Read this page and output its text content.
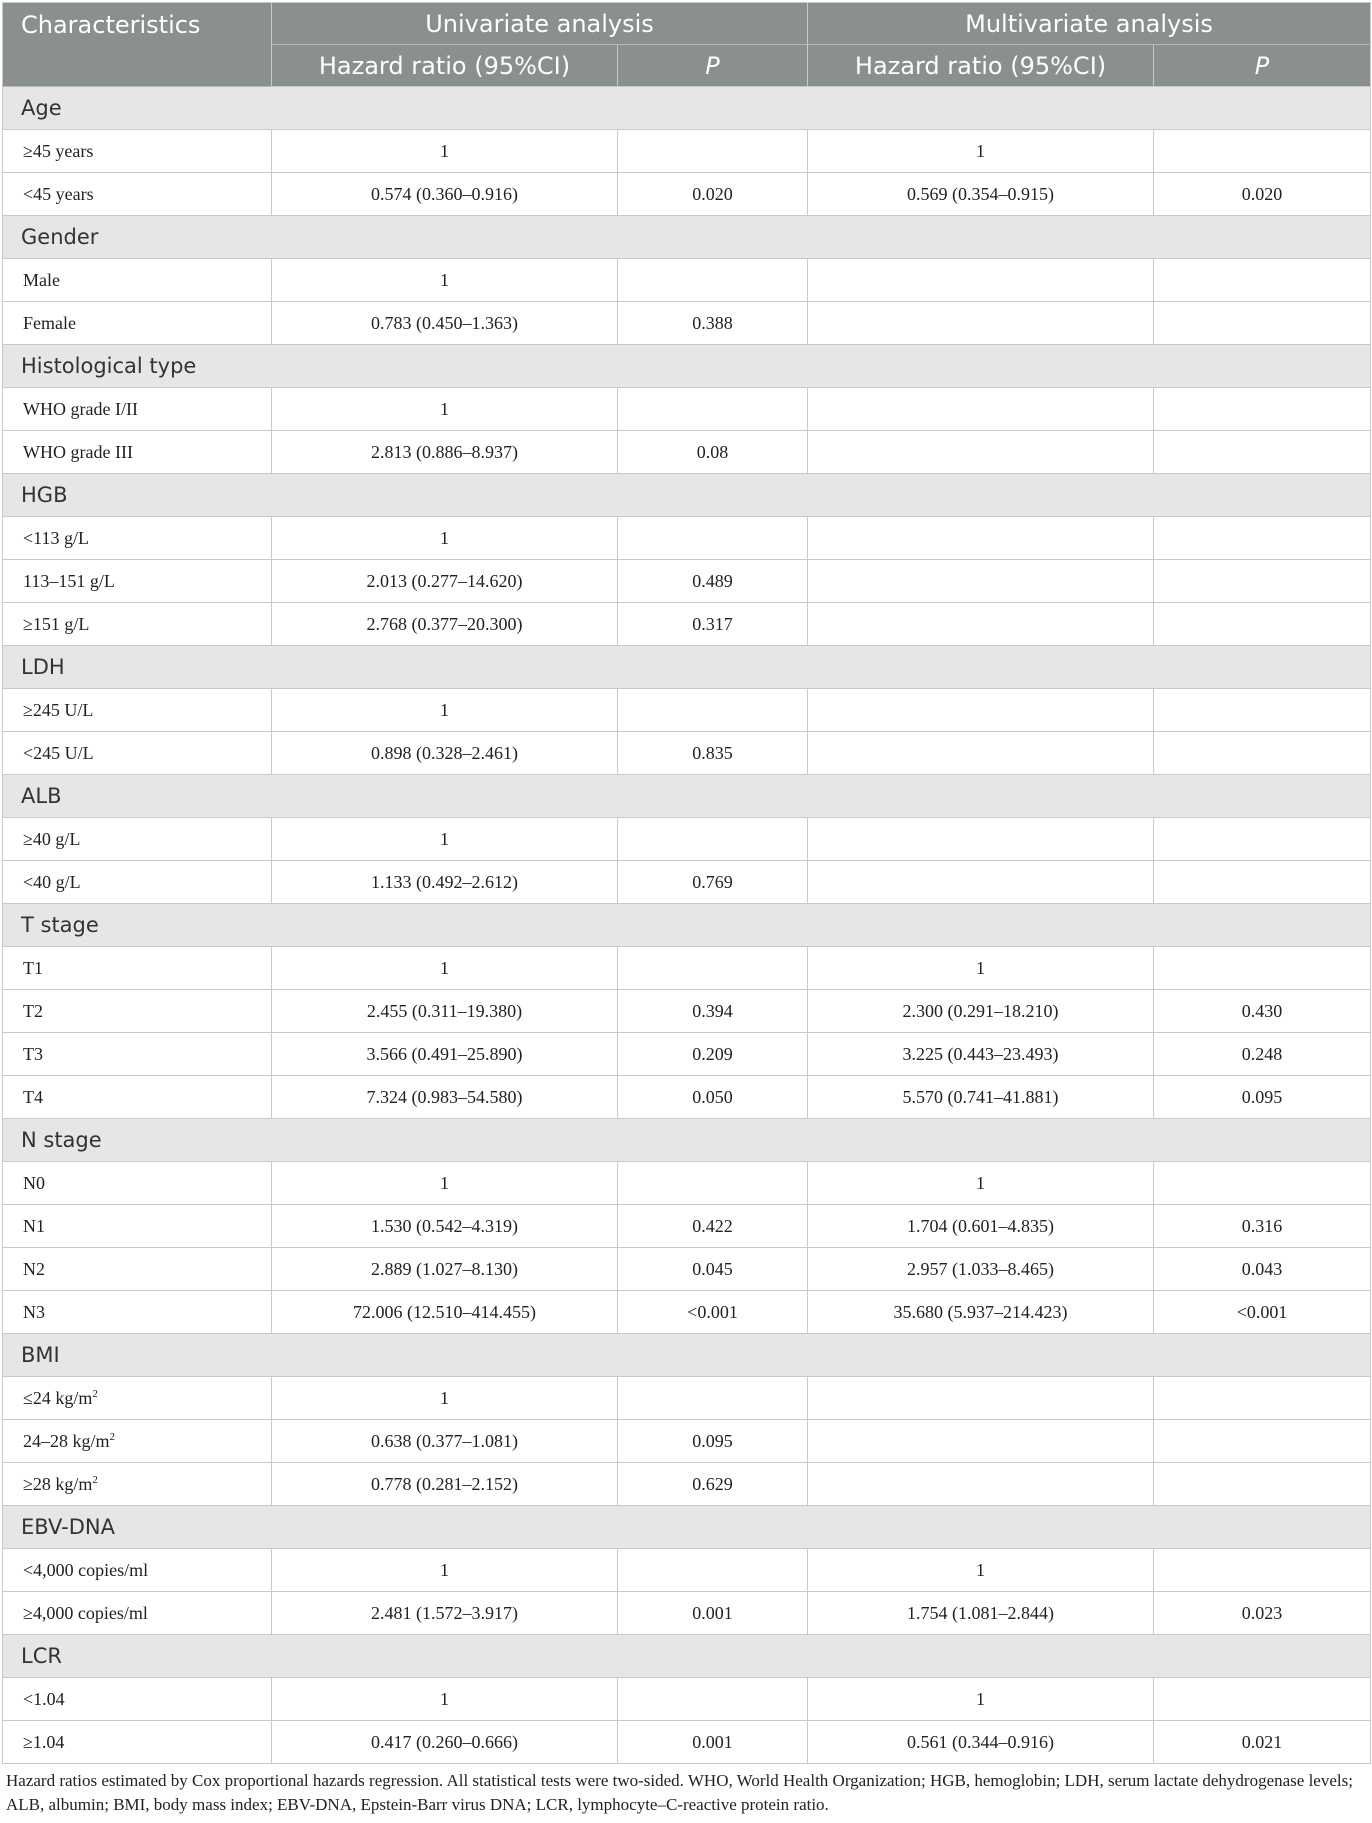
Characteristics	Univariate analysis		Multivariate analysis	
	Hazard ratio (95%CI)	P	Hazard ratio (95%CI)	P
Age				
≥45 years	1		1	
<45 years	0.574 (0.360–0.916)	0.020	0.569 (0.354–0.915)	0.020
Gender				
Male	1			
Female	0.783 (0.450–1.363)	0.388		
Histological type				
WHO grade I/II	1			
WHO grade III	2.813 (0.886–8.937)	0.08		
HGB				
<113 g/L	1			
113–151 g/L	2.013 (0.277–14.620)	0.489		
≥151 g/L	2.768 (0.377–20.300)	0.317		
LDH				
≥245 U/L	1			
<245 U/L	0.898 (0.328–2.461)	0.835		
ALB				
≥40 g/L	1			
<40 g/L	1.133 (0.492–2.612)	0.769		
T stage				
T1	1		1	
T2	2.455 (0.311–19.380)	0.394	2.300 (0.291–18.210)	0.430
T3	3.566 (0.491–25.890)	0.209	3.225 (0.443–23.493)	0.248
T4	7.324 (0.983–54.580)	0.050	5.570 (0.741–41.881)	0.095
N stage				
N0	1		1	
N1	1.530 (0.542–4.319)	0.422	1.704 (0.601–4.835)	0.316
N2	2.889 (1.027–8.130)	0.045	2.957 (1.033–8.465)	0.043
N3	72.006 (12.510–414.455)	<0.001	35.680 (5.937–214.423)	<0.001
BMI				
≤24 $kg/m^2$	1			
24–28 $kg/m^2$	0.638 (0.377–1.081)	0.095		
≥28 $kg/m^2$	0.778 (0.281–2.152)	0.629		
EBV-DNA				
<4,000 copies/ml	1		1	
≥4,000 copies/ml	2.481 (1.572–3.917)	0.001	1.754 (1.081–2.844)	0.023
LCR				
<1.04	1		1	
≥1.04	0.417 (0.260–0.666)	0.001	0.561 (0.344–0.916)	0.021
Hazard ratios estimated by Cox proportional hazards regression. All statistical tests were two-sided. WHO, World Health Organization; HGB, hemoglobin; LDH, serum lactate dehydrogenase levels; ALB, albumin; BMI, body mass index; EBV-DNA, Epstein-Barr virus DNA; LCR, lymphocyte–C-reactive protein ratio.
